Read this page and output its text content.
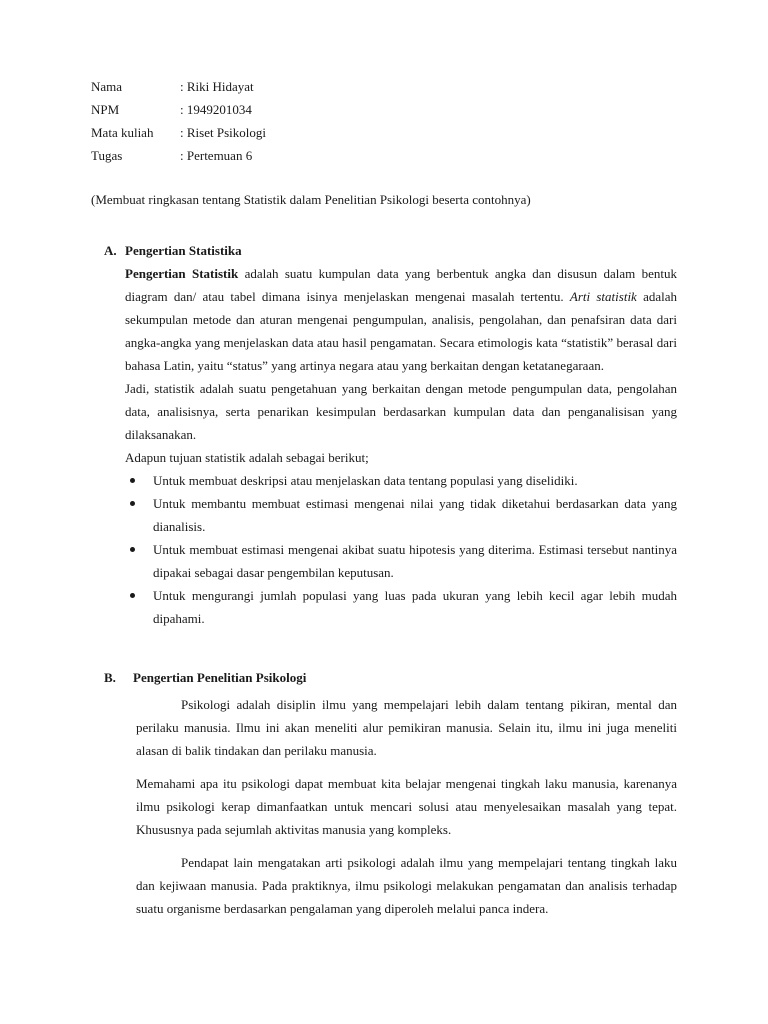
Nama	: Riki Hidayat
NPM	: 1949201034
Mata kuliah	: Riset Psikologi
Tugas	: Pertemuan 6
(Membuat ringkasan tentang Statistik dalam Penelitian Psikologi beserta contohnya)
A. Pengertian Statistika

Pengertian Statistik adalah suatu kumpulan data yang berbentuk angka dan disusun dalam bentuk diagram dan/ atau tabel dimana isinya menjelaskan mengenai masalah tertentu. Arti statistik adalah sekumpulan metode dan aturan mengenai pengumpulan, analisis, pengolahan, dan penafsiran data dari angka-angka yang menjelaskan data atau hasil pengamatan. Secara etimologis kata “statistik” berasal dari bahasa Latin, yaitu “status” yang artinya negara atau yang berkaitan dengan ketatanegaraan.

Jadi, statistik adalah suatu pengetahuan yang berkaitan dengan metode pengumpulan data, pengolahan data, analisisnya, serta penarikan kesimpulan berdasarkan kumpulan data dan penganalisisan yang dilaksanakan.

Adapun tujuan statistik adalah sebagai berikut;

Untuk membuat deskripsi atau menjelaskan data tentang populasi yang diselidiki.
Untuk membantu membuat estimasi mengenai nilai yang tidak diketahui berdasarkan data yang dianalisis.
Untuk membuat estimasi mengenai akibat suatu hipotesis yang diterima. Estimasi tersebut nantinya dipakai sebagai dasar pengembilan keputusan.
Untuk mengurangi jumlah populasi yang luas pada ukuran yang lebih kecil agar lebih mudah dipahami.
B.	Pengertian Penelitian Psikologi

Psikologi adalah disiplin ilmu yang mempelajari lebih dalam tentang pikiran, mental dan perilaku manusia. Ilmu ini akan meneliti alur pemikiran manusia. Selain itu, ilmu ini juga meneliti alasan di balik tindakan dan perilaku manusia.

Memahami apa itu psikologi dapat membuat kita belajar mengenai tingkah laku manusia, karenanya ilmu psikologi kerap dimanfaatkan untuk mencari solusi atau menyelesaikan masalah yang tepat. Khususnya pada sejumlah aktivitas manusia yang kompleks.

Pendapat lain mengatakan arti psikologi adalah ilmu yang mempelajari tentang tingkah laku dan kejiwaan manusia. Pada praktiknya, ilmu psikologi melakukan pengamatan dan analisis terhadap suatu organisme berdasarkan pengalaman yang diperoleh melalui panca indera.
